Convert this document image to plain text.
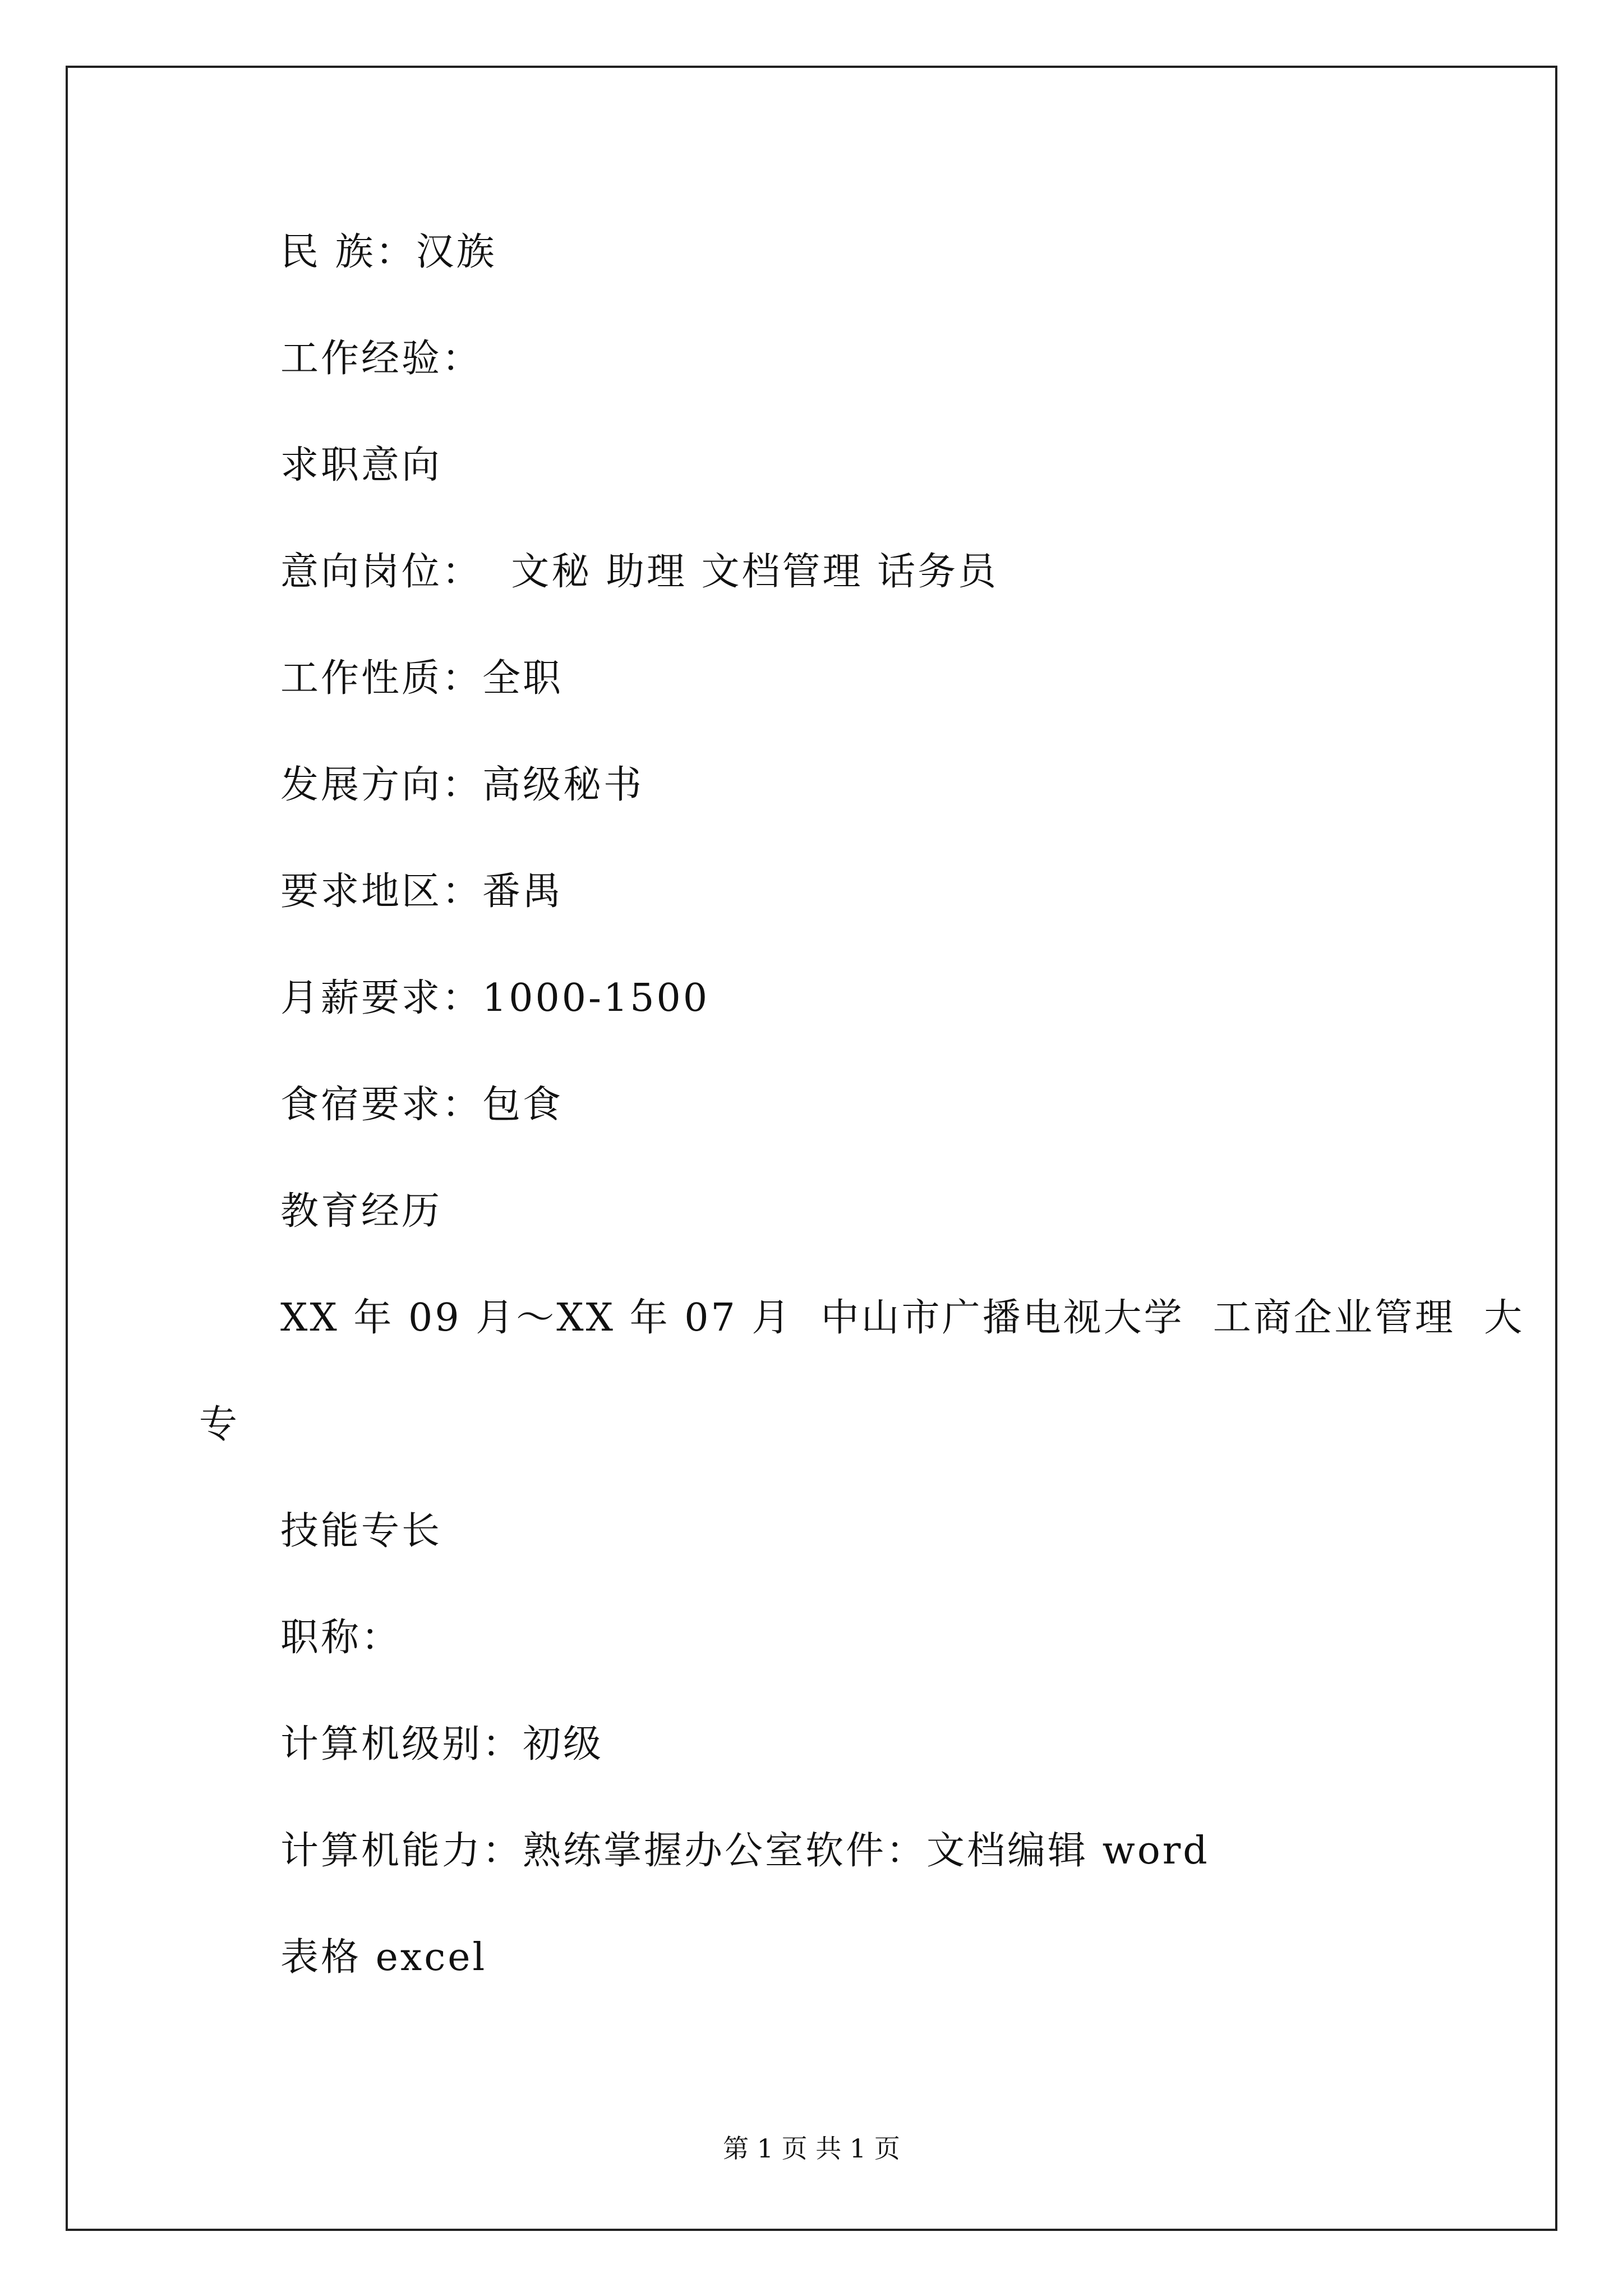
民 族：汉族
工作经验：
求职意向
意向岗位：  文秘 助理 文档管理 话务员
工作性质：全职
发展方向：高级秘书
要求地区：番禺
月薪要求：1000-1500
食宿要求：包食
教育经历
XX 年 09 月～XX 年 07 月  中山市广播电视大学  工商企业管理  大
专
技能专长
职称：
计算机级别：初级
计算机能力：熟练掌握办公室软件：文档编辑 word
表格 excel
第 1 页 共 1 页
